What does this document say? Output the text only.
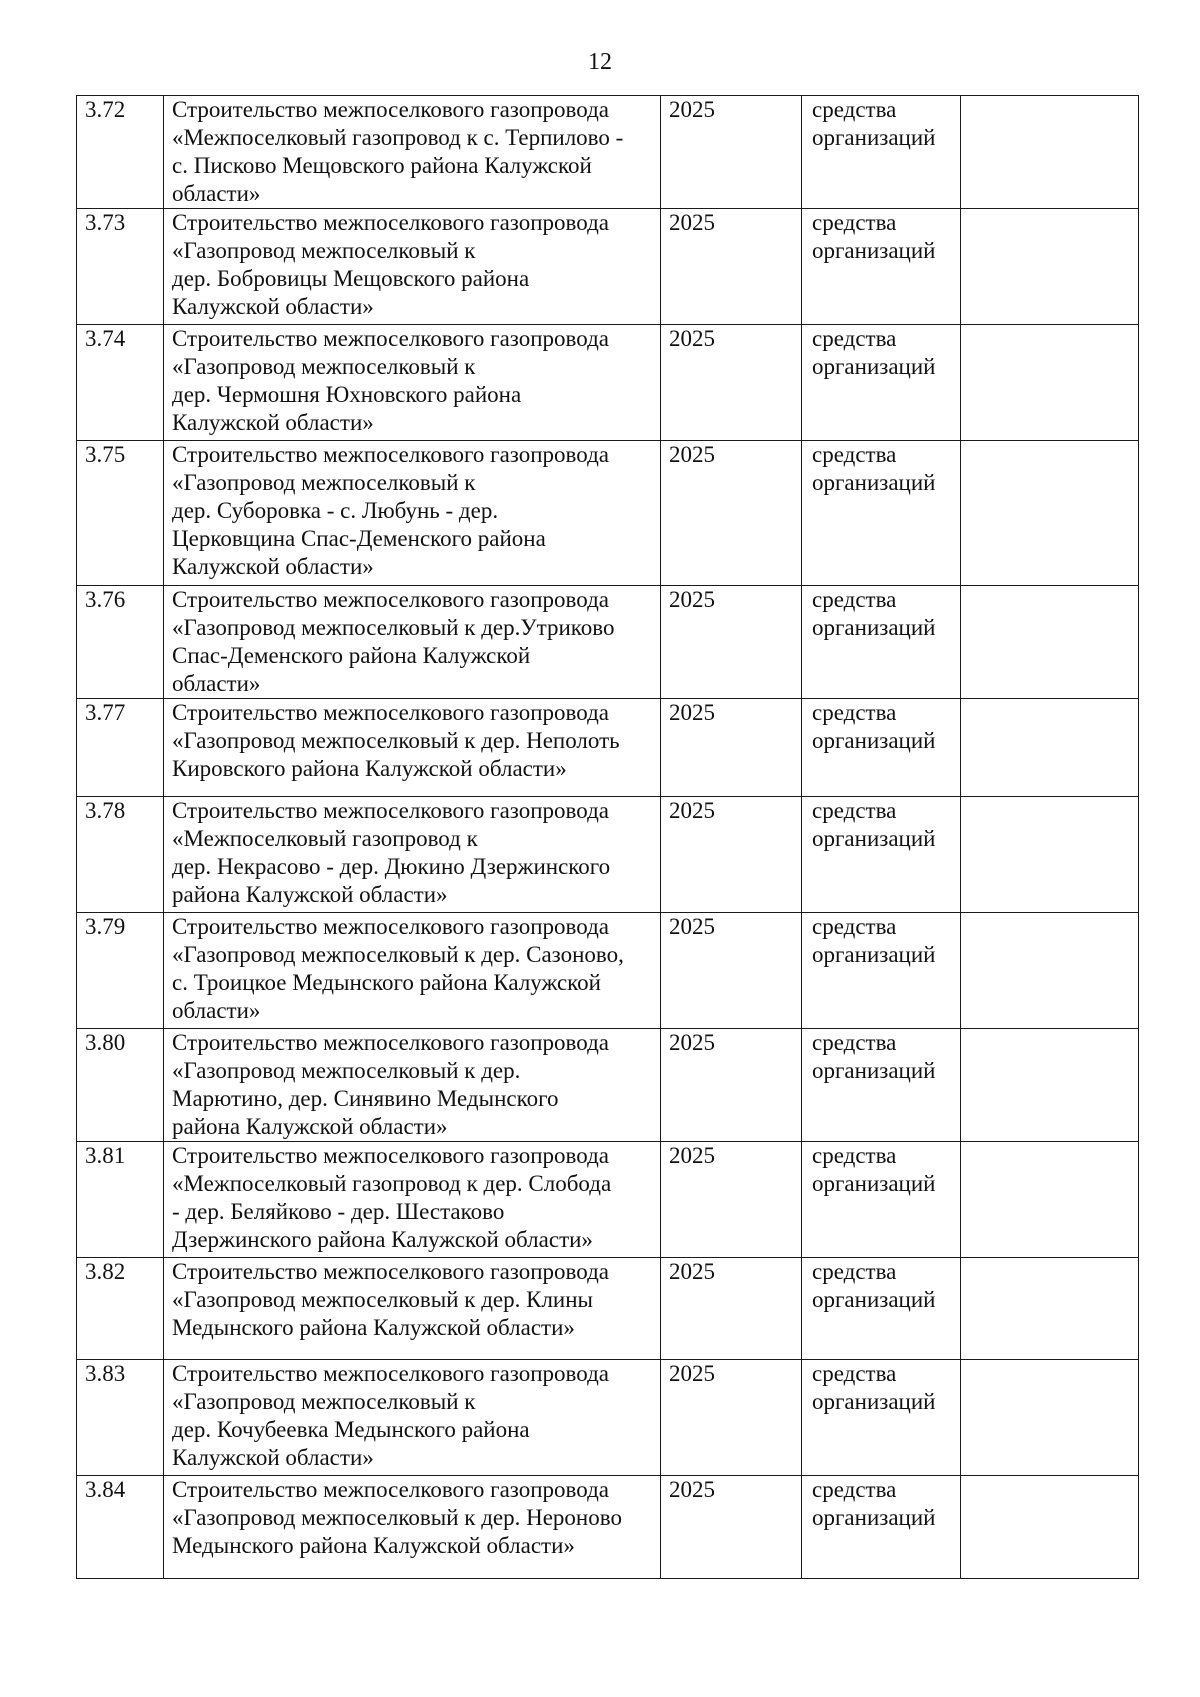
12
3.72	Строительство межпоселкового газопровода
«Межпоселковый газопровод к с. Терпилово -
с. Писково Мещовского района Калужской
области»	2025	средства
организаций	

3.73	Строительство межпоселкового газопровода
«Газопровод межпоселковый к
дер. Бобровицы Мещовского района
Калужской области»	2025	средства
организаций	

3.74	Строительство межпоселкового газопровода
«Газопровод межпоселковый к
дер. Чермошня Юхновского района
Калужской области»	2025	средства
организаций	

3.75	Строительство межпоселкового газопровода
«Газопровод межпоселковый к
дер. Суборовка - с. Любунь - дер.
Церковщина Спас-Деменского района
Калужской области»	2025	средства
организаций	

3.76	Строительство межпоселкового газопровода
«Газопровод межпоселковый к дер.Утриково
Спас-Деменского района Калужской
области»	2025	средства
организаций	

3.77	Строительство межпоселкового газопровода
«Газопровод межпоселковый к дер. Неполоть
Кировского района Калужской области»	2025	средства
организаций	

3.78	Строительство межпоселкового газопровода
«Межпоселковый газопровод к
дер. Некрасово - дер. Дюкино Дзержинского
района Калужской области»	2025	средства
организаций	

3.79	Строительство межпоселкового газопровода
«Газопровод межпоселковый к дер. Сазоново,
с. Троицкое Медынского района Калужской
области»	2025	средства
организаций	

3.80	Строительство межпоселкового газопровода
«Газопровод межпоселковый к дер.
Марютино, дер. Синявино Медынского
района Калужской области»	2025	средства
организаций	

3.81	Строительство межпоселкового газопровода
«Межпоселковый газопровод к дер. Слобода
- дер. Беляйково - дер. Шестаково
Дзержинского района Калужской области»	2025	средства
организаций	

3.82	Строительство межпоселкового газопровода
«Газопровод межпоселковый к дер. Клины
Медынского района Калужской области»	2025	средства
организаций	

3.83	Строительство межпоселкового газопровода
«Газопровод межпоселковый к
дер. Кочубеевка Медынского района
Калужской области»	2025	средства
организаций	

3.84	Строительство межпоселкового газопровода
«Газопровод межпоселковый к дер. Нероново
Медынского района Калужской области»	2025	средства
организаций	
